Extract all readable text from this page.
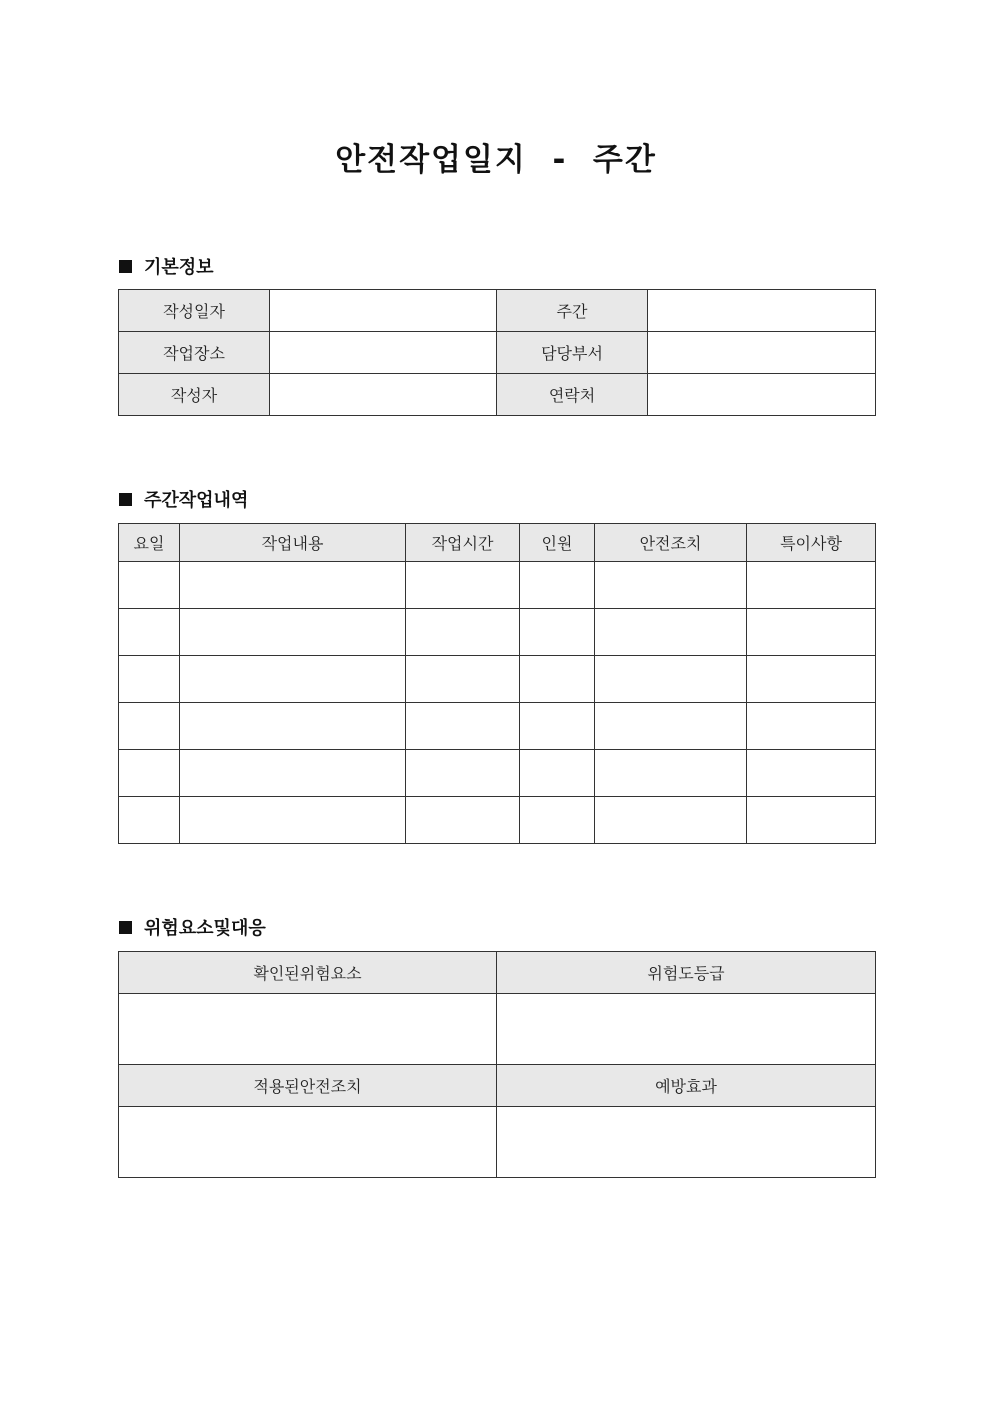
안전작업일지  -  주간
기본정보
작성일자		주간	
작업장소		담당부서	
작성자		연락처	
주간작업내역
요일	작업내용	작업시간	인원	안전조치	특이사항

위험요소및대응
확인된위험요소	위험도등급

적용된안전조치	예방효과
